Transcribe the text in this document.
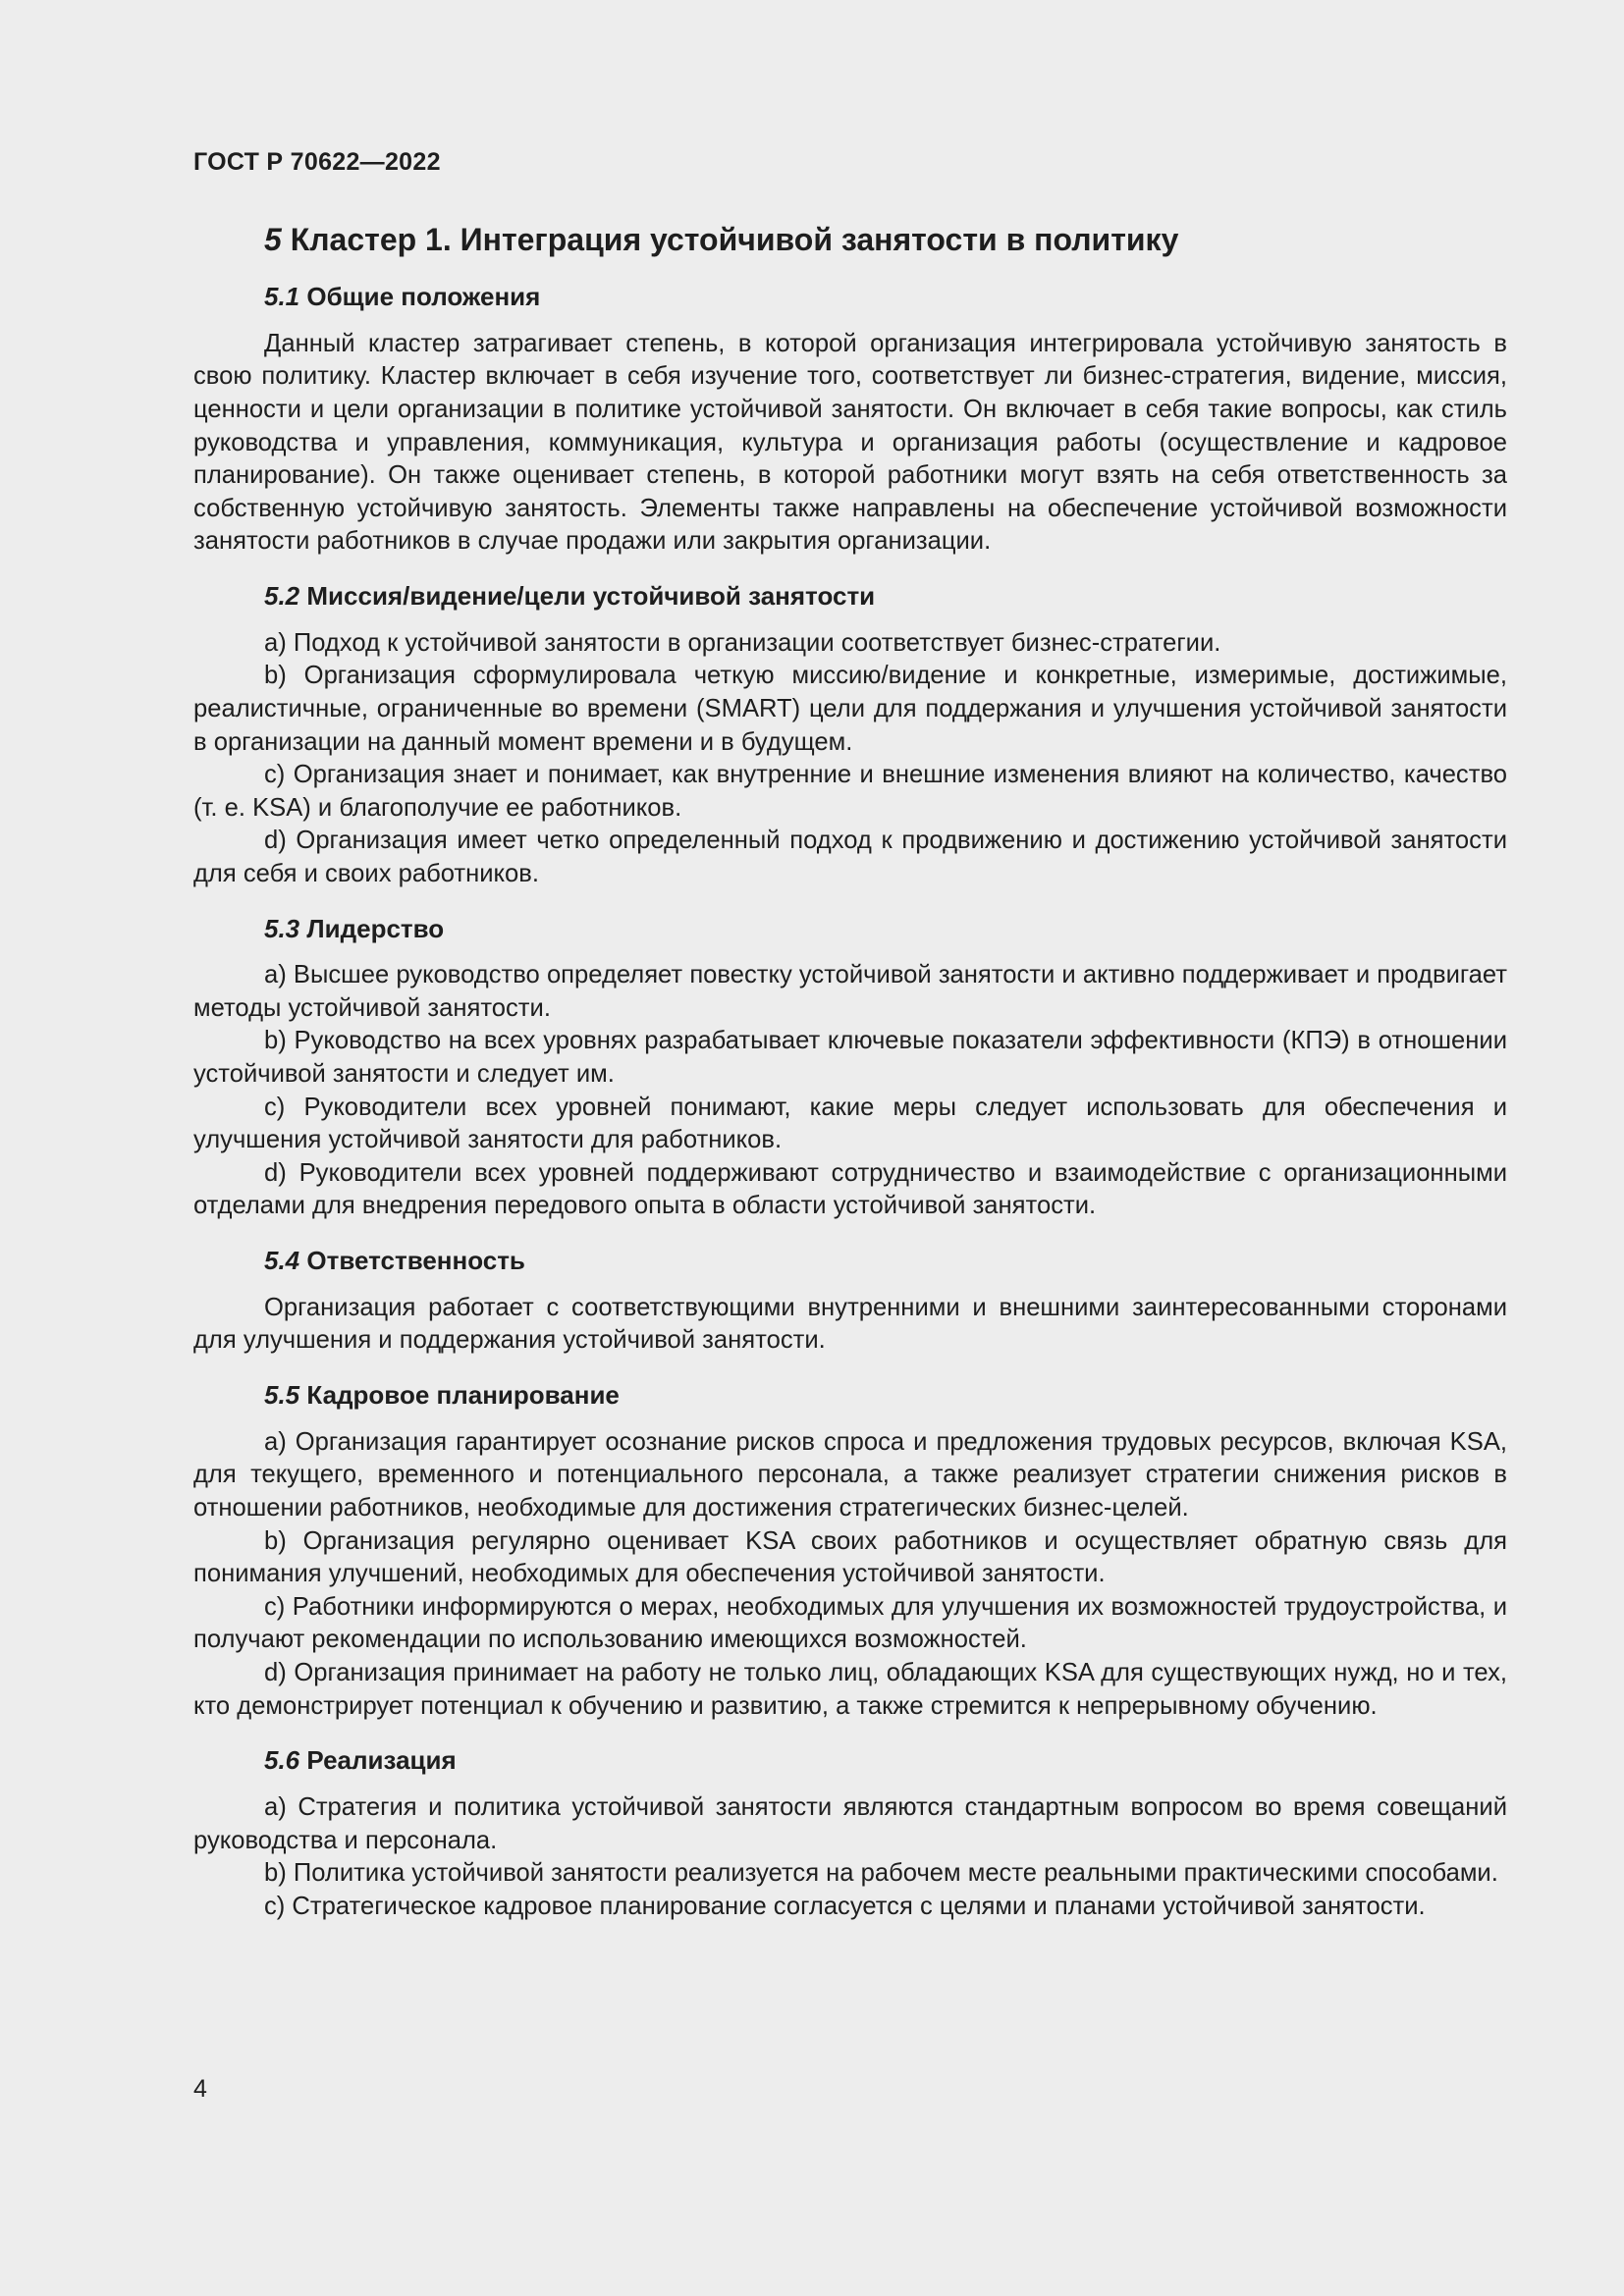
ГОСТ Р 70622—2022
5 Кластер 1. Интеграция устойчивой занятости в политику
5.1 Общие положения

Данный кластер затрагивает степень, в которой организация интегрировала устойчивую занятость в свою политику. Кластер включает в себя изучение того, соответствует ли бизнес-стратегия, видение, миссия, ценности и цели организации в политике устойчивой занятости. Он включает в себя такие вопросы, как стиль руководства и управления, коммуникация, культура и организация работы (осуществление и кадровое планирование). Он также оценивает степень, в которой работники могут взять на себя ответственность за собственную устойчивую занятость. Элементы также направлены на обеспечение устойчивой возможности занятости работников в случае продажи или закрытия организации.

5.2 Миссия/видение/цели устойчивой занятости

a) Подход к устойчивой занятости в организации соответствует бизнес-стратегии.

b) Организация сформулировала четкую миссию/видение и конкретные, измеримые, достижимые, реалистичные, ограниченные во времени (SMART) цели для поддержания и улучшения устойчивой занятости в организации на данный момент времени и в будущем.

c) Организация знает и понимает, как внутренние и внешние изменения влияют на количество, качество (т. е. KSA) и благополучие ее работников.

d) Организация имеет четко определенный подход к продвижению и достижению устойчивой занятости для себя и своих работников.

5.3 Лидерство

a) Высшее руководство определяет повестку устойчивой занятости и активно поддерживает и продвигает методы устойчивой занятости.

b) Руководство на всех уровнях разрабатывает ключевые показатели эффективности (КПЭ) в отношении устойчивой занятости и следует им.

c) Руководители всех уровней понимают, какие меры следует использовать для обеспечения и улучшения устойчивой занятости для работников.

d) Руководители всех уровней поддерживают сотрудничество и взаимодействие с организационными отделами для внедрения передового опыта в области устойчивой занятости.

5.4 Ответственность

Организация работает с соответствующими внутренними и внешними заинтересованными сторонами для улучшения и поддержания устойчивой занятости.

5.5 Кадровое планирование

a) Организация гарантирует осознание рисков спроса и предложения трудовых ресурсов, включая KSA, для текущего, временного и потенциального персонала, а также реализует стратегии снижения рисков в отношении работников, необходимые для достижения стратегических бизнес-целей.

b) Организация регулярно оценивает KSA своих работников и осуществляет обратную связь для понимания улучшений, необходимых для обеспечения устойчивой занятости.

c) Работники информируются о мерах, необходимых для улучшения их возможностей трудоустройства, и получают рекомендации по использованию имеющихся возможностей.

d) Организация принимает на работу не только лиц, обладающих KSA для существующих нужд, но и тех, кто демонстрирует потенциал к обучению и развитию, а также стремится к непрерывному обучению.

5.6 Реализация

a) Стратегия и политика устойчивой занятости являются стандартным вопросом во время совещаний руководства и персонала.

b) Политика устойчивой занятости реализуется на рабочем месте реальными практическими способами.

c) Стратегическое кадровое планирование согласуется с целями и планами устойчивой занятости.

4
